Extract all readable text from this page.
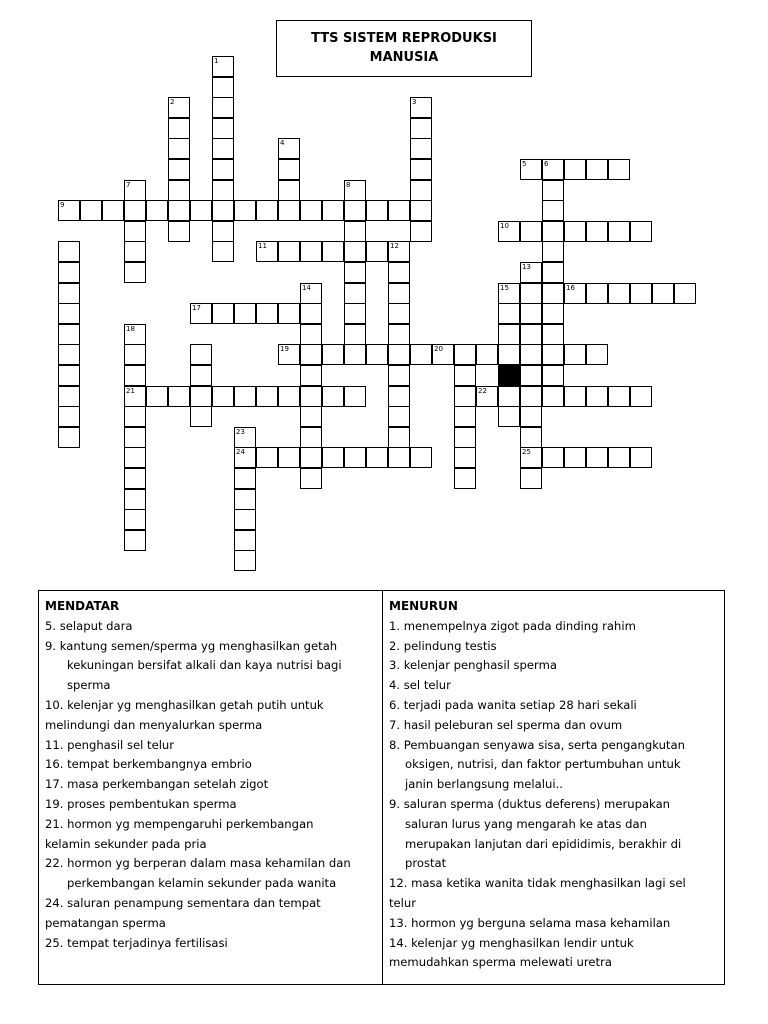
TTS SISTEM REPRODUKSI
MANUSIA
1
2	3
4
6
7	8
12
13
25
14	15
18
21
23
24
5
9
10
11
16
17
19	20
22
MENDATAR
5. selaput dara
9. kantung semen/sperma yg menghasilkan getah
kekuningan bersifat alkali dan kaya nutrisi bagi
sperma
10. kelenjar yg menghasilkan getah putih untuk
melindungi dan menyalurkan sperma
11. penghasil sel telur
16. tempat berkembangnya embrio
17. masa perkembangan setelah zigot
19. proses pembentukan sperma
21. hormon yg mempengaruhi perkembangan
kelamin sekunder pada pria
22. hormon yg berperan dalam masa kehamilan dan
perkembangan kelamin sekunder pada wanita
24. saluran penampung sementara dan tempat
pematangan sperma
25. tempat terjadinya fertilisasi
MENURUN
1. menempelnya zigot pada dinding rahim
2. pelindung testis
3. kelenjar penghasil sperma
4. sel telur
6. terjadi pada wanita setiap 28 hari sekali
7. hasil peleburan sel sperma dan ovum
8. Pembuangan senyawa sisa, serta pengangkutan
oksigen, nutrisi, dan faktor pertumbuhan untuk
janin berlangsung melalui..
9. saluran sperma (duktus deferens) merupakan
saluran lurus yang mengarah ke atas dan
merupakan lanjutan dari epididimis, berakhir di
prostat
12. masa ketika wanita tidak menghasilkan lagi sel
telur
13. hormon yg berguna selama masa kehamilan
14. kelenjar yg menghasilkan lendir untuk
memudahkan sperma melewati uretra
